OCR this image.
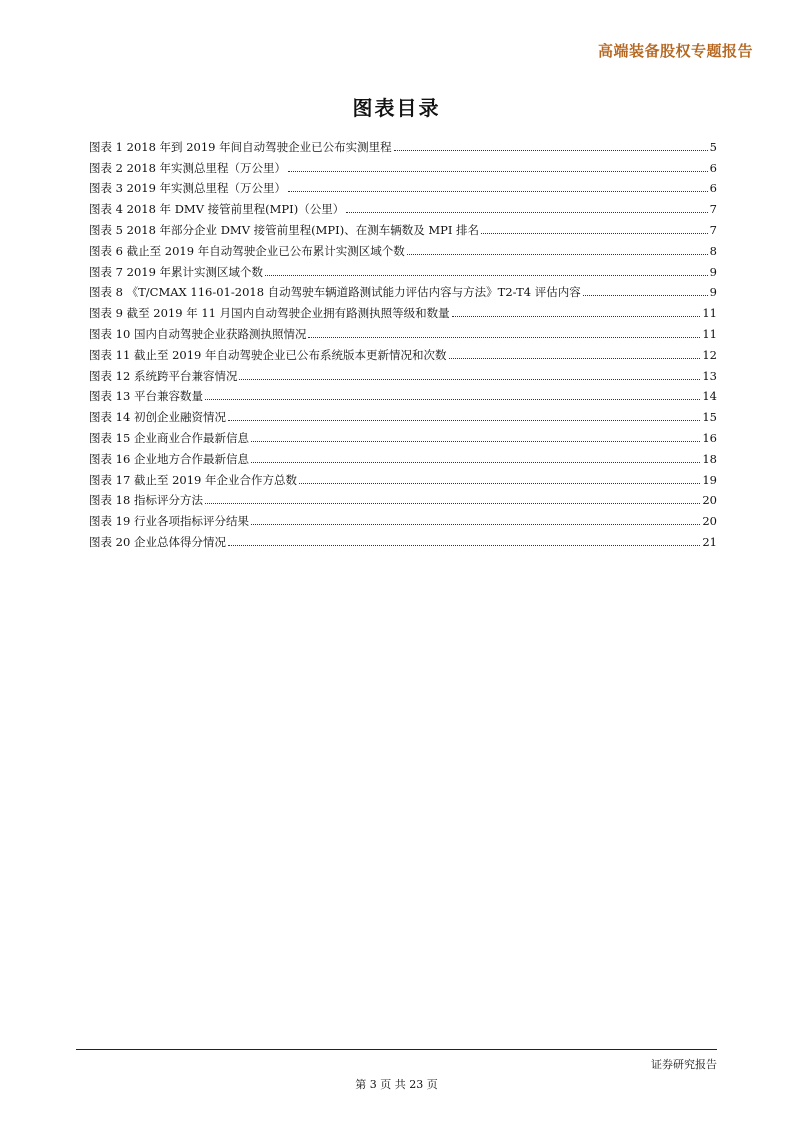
高端装备股权专题报告
图表目录
图表 1 2018 年到 2019 年间自动驾驶企业已公布实测里程	5
图表 2 2018 年实测总里程（万公里）	6
图表 3 2019 年实测总里程（万公里）	6
图表 4 2018 年 DMV 接管前里程(MPI)（公里）	7
图表 5 2018 年部分企业 DMV 接管前里程(MPI)、在测车辆数及 MPI 排名	7
图表 6 截止至 2019 年自动驾驶企业已公布累计实测区域个数	8
图表 7 2019 年累计实测区域个数	9
图表 8 《T/CMAX 116-01-2018 自动驾驶车辆道路测试能力评估内容与方法》T2-T4 评估内容	9
图表 9 截至 2019 年 11 月国内自动驾驶企业拥有路测执照等级和数量	11
图表 10 国内自动驾驶企业获路测执照情况	11
图表 11 截止至 2019 年自动驾驶企业已公布系统版本更新情况和次数	12
图表 12 系统跨平台兼容情况	13
图表 13 平台兼容数量	14
图表 14 初创企业融资情况	15
图表 15 企业商业合作最新信息	16
图表 16 企业地方合作最新信息	18
图表 17 截止至 2019 年企业合作方总数	19
图表 18 指标评分方法	20
图表 19 行业各项指标评分结果	20
图表 20 企业总体得分情况	21
证券研究报告
第 3 页 共 23 页
